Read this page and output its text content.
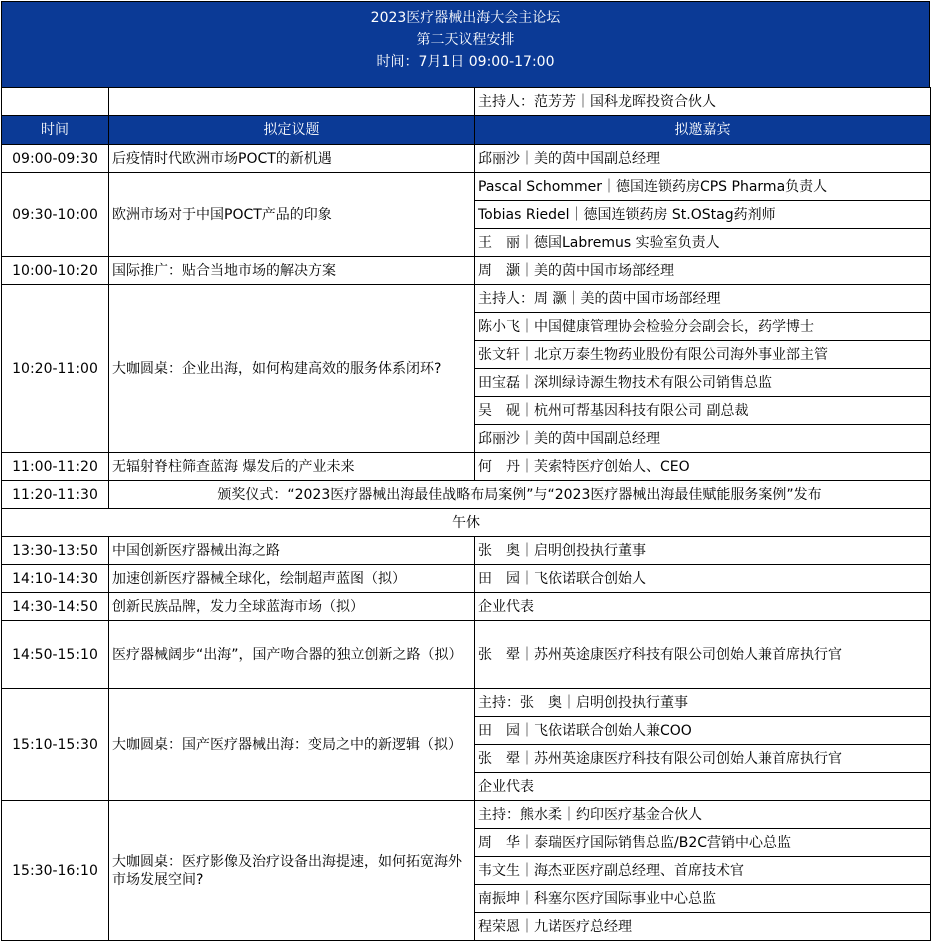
2023医疗器械出海大会主论坛
第二天议程安排
时间：7月1日 09:00-17:00
		主持人：范芳芳｜国科龙晖投资合伙人
时间	拟定议题	拟邀嘉宾
09:00-09:30	后疫情时代欧洲市场POCT的新机遇	邱丽沙｜美的茵中国副总经理
09:30-10:00	欧洲市场对于中国POCT产品的印象	Pascal Schommer｜德国连锁药房CPS Pharma负责人
		Tobias Riedel｜德国连锁药房 St.OStag药剂师
		王　丽｜德国Labremus 实验室负责人
10:00-10:20	国际推广：贴合当地市场的解决方案	周　灏｜美的茵中国市场部经理
10:20-11:00	大咖圆桌：企业出海，如何构建高效的服务体系闭环?	主持人：周 灏｜美的茵中国市场部经理
		陈小飞｜中国健康管理协会检验分会副会长，药学博士
		张文轩｜北京万泰生物药业股份有限公司海外事业部主管
		田宝磊｜深圳绿诗源生物技术有限公司销售总监
		吴　砚｜杭州可帮基因科技有限公司 副总裁
		邱丽沙｜美的茵中国副总经理
11:00-11:20	无辐射脊柱筛查蓝海 爆发后的产业未来	何　丹｜芙索特医疗创始人、CEO
11:20-11:30	颁奖仪式：“2023医疗器械出海最佳战略布局案例”与“2023医疗器械出海最佳赋能服务案例”发布	
午休		
13:30-13:50	中国创新医疗器械出海之路	张　奥｜启明创投执行董事
14:10-14:30	加速创新医疗器械全球化，绘制超声蓝图（拟）	田　园｜飞依诺联合创始人
14:30-14:50	创新民族品牌，发力全球蓝海市场（拟）	企业代表
14:50-15:10	医疗器械阔步“出海”，国产吻合器的独立创新之路（拟）	张　翚｜苏州英途康医疗科技有限公司创始人兼首席执行官
15:10-15:30	大咖圆桌：国产医疗器械出海：变局之中的新逻辑（拟）	主持：张　奥｜启明创投执行董事
		田　园｜飞依诺联合创始人兼COO
		张　翚｜苏州英途康医疗科技有限公司创始人兼首席执行官
		企业代表
15:30-16:10	大咖圆桌：医疗影像及治疗设备出海提速，如何拓宽海外市场发展空间?	主持：熊水柔｜约印医疗基金合伙人
		周　华｜泰瑞医疗国际销售总监/B2C营销中心总监
		韦文生｜海杰亚医疗副总经理、首席技术官
		南振坤｜科塞尔医疗国际事业中心总监
		程荣恩｜九诺医疗总经理
